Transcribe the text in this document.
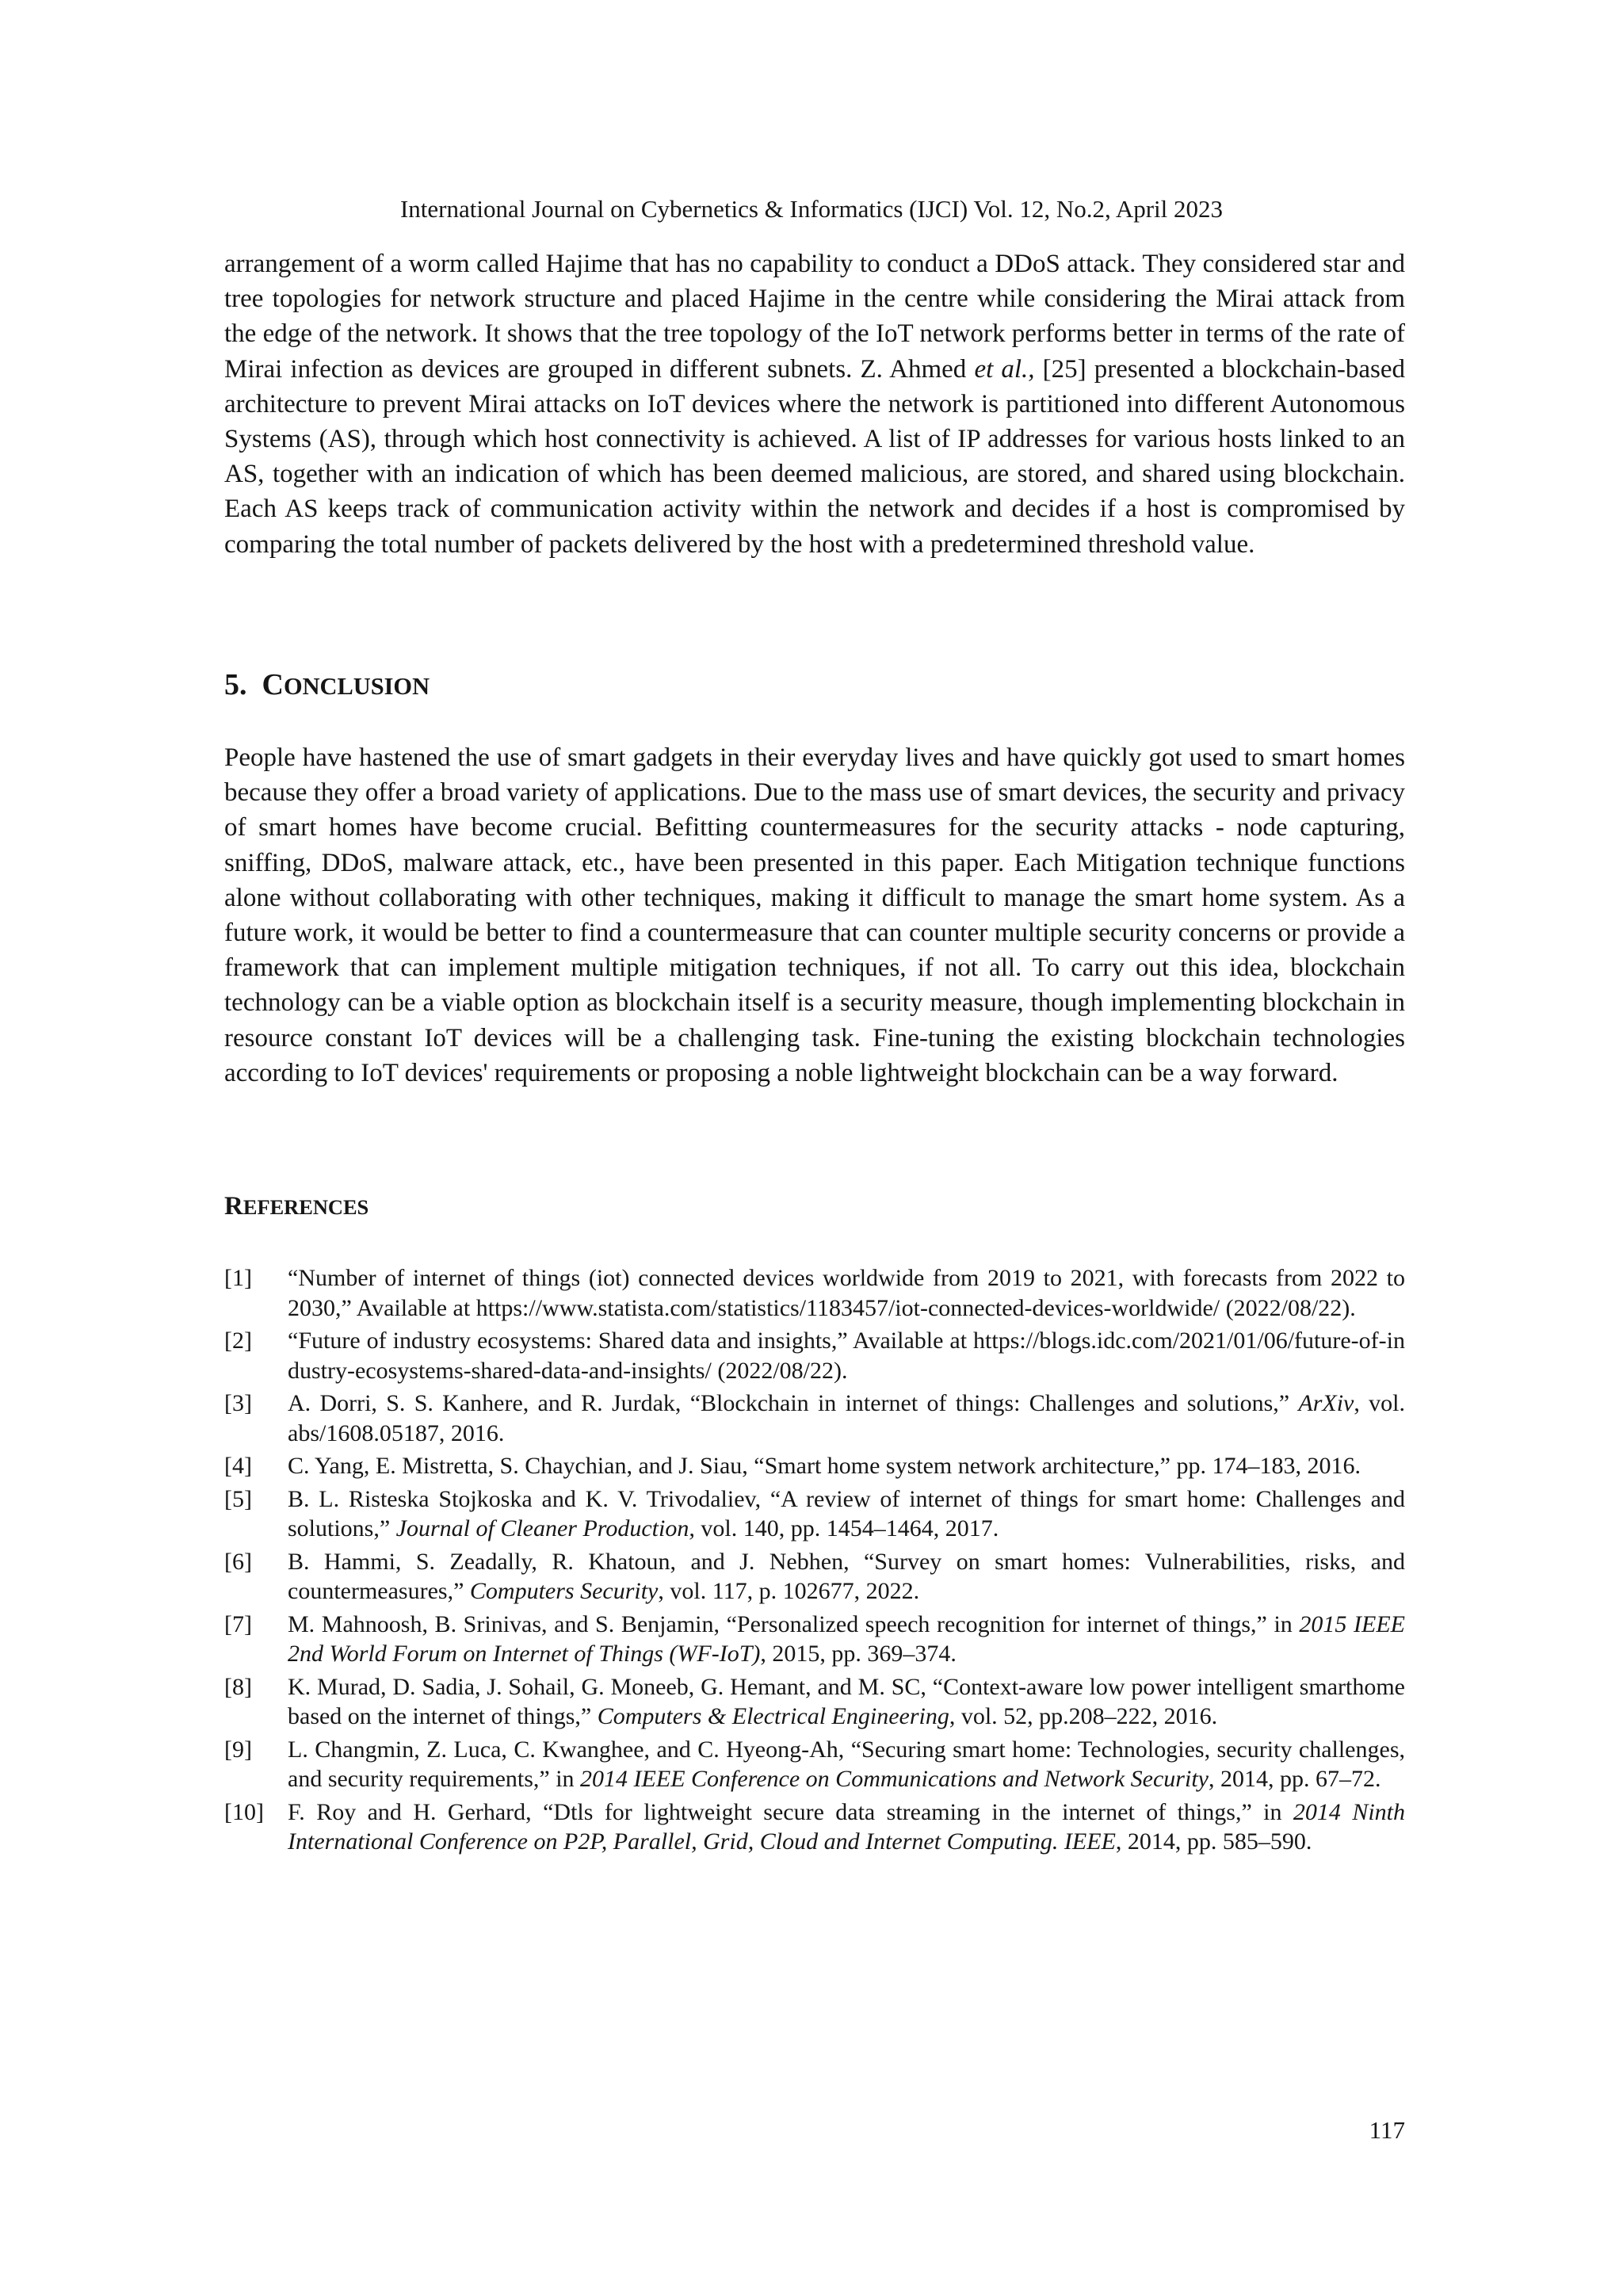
International Journal on Cybernetics & Informatics (IJCI) Vol. 12, No.2, April 2023

arrangement of a worm called Hajime that has no capability to conduct a DDoS attack. They considered star and tree topologies for network structure and placed Hajime in the centre while considering the Mirai attack from the edge of the network. It shows that the tree topology of the IoT network performs better in terms of the rate of Mirai infection as devices are grouped in different subnets. Z. Ahmed et al., [25] presented a blockchain-based architecture to prevent Mirai attacks on IoT devices where the network is partitioned into different Autonomous Systems (AS), through which host connectivity is achieved. A list of IP addresses for various hosts linked to an AS, together with an indication of which has been deemed malicious, are stored, and shared using blockchain. Each AS keeps track of communication activity within the network and decides if a host is compromised by comparing the total number of packets delivered by the host with a predetermined threshold value.

5. CONCLUSION

People have hastened the use of smart gadgets in their everyday lives and have quickly got used to smart homes because they offer a broad variety of applications. Due to the mass use of smart devices, the security and privacy of smart homes have become crucial. Befitting countermeasures for the security attacks - node capturing, sniffing, DDoS, malware attack, etc., have been presented in this paper. Each Mitigation technique functions alone without collaborating with other techniques, making it difficult to manage the smart home system. As a future work, it would be better to find a countermeasure that can counter multiple security concerns or provide a framework that can implement multiple mitigation techniques, if not all. To carry out this idea, blockchain technology can be a viable option as blockchain itself is a security measure, though implementing blockchain in resource constant IoT devices will be a challenging task. Fine-tuning the existing blockchain technologies according to IoT devices' requirements or proposing a noble lightweight blockchain can be a way forward.

REFERENCES
[1] “Number of internet of things (iot) connected devices worldwide from 2019 to 2021, with forecasts from 2022 to 2030,” Available at https://www.statista.com/statistics/1183457/iot-connected-devices-worldwide/ (2022/08/22).
[2] “Future of industry ecosystems: Shared data and insights,” Available at https://blogs.idc.com/2021/01/06/future-of-industry-ecosystems-shared-data-and-insights/ (2022/08/22).
[3] A. Dorri, S. S. Kanhere, and R. Jurdak, “Blockchain in internet of things: Challenges and solutions,” ArXiv, vol. abs/1608.05187, 2016.
[4] C. Yang, E. Mistretta, S. Chaychian, and J. Siau, “Smart home system network architecture,” pp. 174–183, 2016.
[5] B. L. Risteska Stojkoska and K. V. Trivodaliev, “A review of internet of things for smart home: Challenges and solutions,” Journal of Cleaner Production, vol. 140, pp. 1454–1464, 2017.
[6] B. Hammi, S. Zeadally, R. Khatoun, and J. Nebhen, “Survey on smart homes: Vulnerabilities, risks, and countermeasures,” Computers Security, vol. 117, p. 102677, 2022.
[7] M. Mahnoosh, B. Srinivas, and S. Benjamin, “Personalized speech recognition for internet of things,” in 2015 IEEE 2nd World Forum on Internet of Things (WF-IoT), 2015, pp. 369–374.
[8] K. Murad, D. Sadia, J. Sohail, G. Moneeb, G. Hemant, and M. SC, “Context-aware low power intelligent smarthome based on the internet of things,” Computers & Electrical Engineering, vol. 52, pp.208–222, 2016.
[9] L. Changmin, Z. Luca, C. Kwanghee, and C. Hyeong-Ah, “Securing smart home: Technologies, security challenges, and security requirements,” in 2014 IEEE Conference on Communications and Network Security, 2014, pp. 67–72.
[10] F. Roy and H. Gerhard, “Dtls for lightweight secure data streaming in the internet of things,” in 2014 Ninth International Conference on P2P, Parallel, Grid, Cloud and Internet Computing. IEEE, 2014, pp. 585–590.
117
